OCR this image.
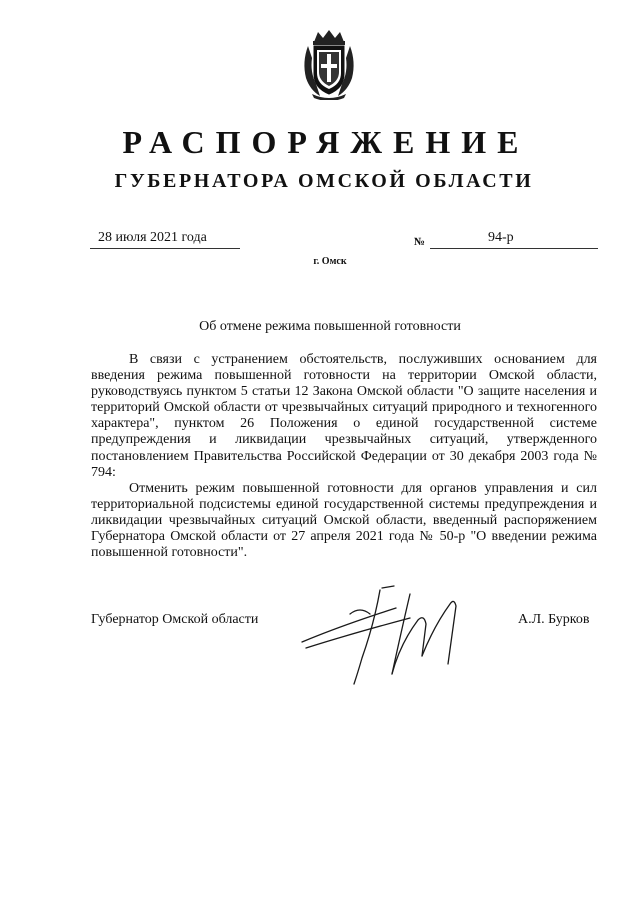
РАСПОРЯЖЕНИЕ
ГУБЕРНАТОРА ОМСКОЙ ОБЛАСТИ
28 июля 2021 года	№	94-р
г. Омск
Об отмене режима повышенной готовности

В связи с устранением обстоятельств, послуживших основанием для введения режима повышенной готовности на территории Омской области, руководствуясь пунктом 5 статьи 12 Закона Омской области "О защите населения и территорий Омской области от чрезвычайных ситуаций природного и техногенного характера", пунктом 26 Положения о единой государственной системе предупреждения и ликвидации чрезвычайных ситуаций, утвержденного постановлением Правительства Российской Федерации от 30 декабря 2003 года № 794:

Отменить режим повышенной готовности для органов управления и сил территориальной подсистемы единой государственной системы предупреждения и ликвидации чрезвычайных ситуаций Омской области, введенный распоряжением Губернатора Омской области от 27 апреля 2021 года № 50-р "О введении режима повышенной готовности".

Губернатор Омской области	А.Л. Бурков
